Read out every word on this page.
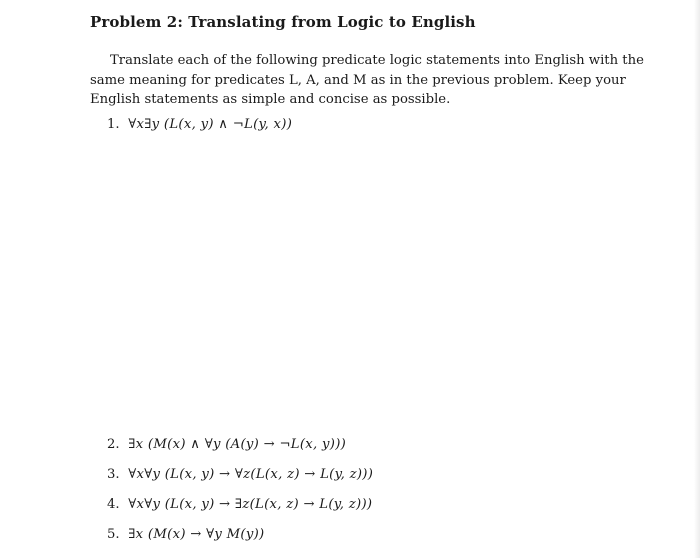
Problem 2: Translating from Logic to English
Translate each of the following predicate logic statements into English with the
same meaning for predicates L, A, and M as in the previous problem. Keep your
English statements as simple and concise as possible.
1. ∀x∃y (L(x, y) ∧ ¬L(y, x))
2. ∃x (M(x) ∧ ∀y (A(y) → ¬L(x, y)))
3. ∀x∀y (L(x, y) → ∀z(L(x, z) → L(y, z)))
4. ∀x∀y (L(x, y) → ∃z(L(x, z) → L(y, z)))
5. ∃x (M(x) → ∀y M(y))
